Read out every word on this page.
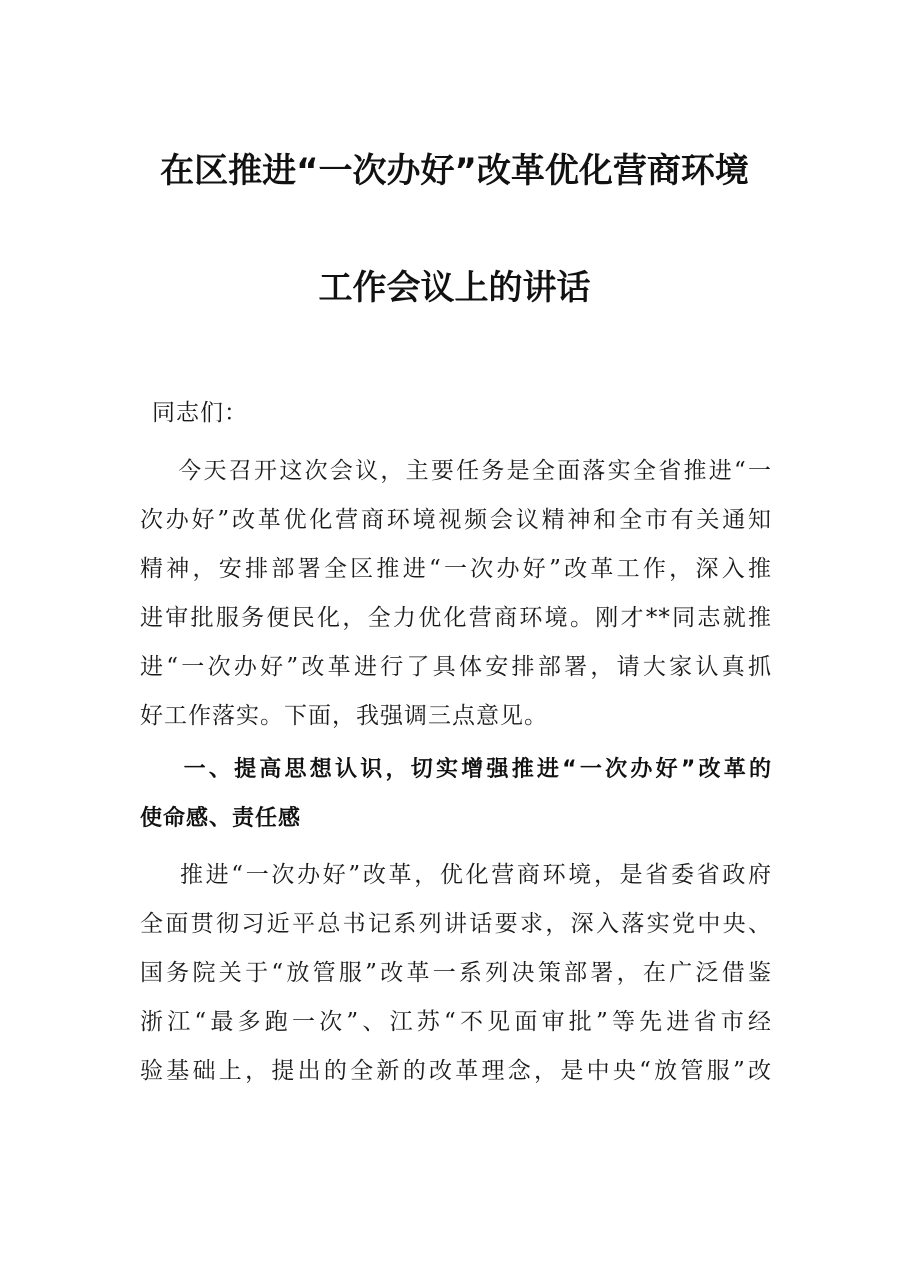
在区推进“一次办好”改革优化营商环境
工作会议上的讲话
同志们：
今天召开这次会议，主要任务是全面落实全省推进“一
次办好”改革优化营商环境视频会议精神和全市有关通知
精神，安排部署全区推进“一次办好”改革工作，深入推
进审批服务便民化，全力优化营商环境。刚才**同志就推
进“一次办好”改革进行了具体安排部署，请大家认真抓
好工作落实。下面，我强调三点意见。
一、提高思想认识，切实增强推进“一次办好”改革的
使命感、责任感
推进“一次办好”改革，优化营商环境，是省委省政府
全面贯彻习近平总书记系列讲话要求，深入落实党中央、
国务院关于“放管服”改革一系列决策部署，在广泛借鉴
浙江“最多跑一次”、江苏“不见面审批”等先进省市经
验基础上，提出的全新的改革理念，是中央“放管服”改
